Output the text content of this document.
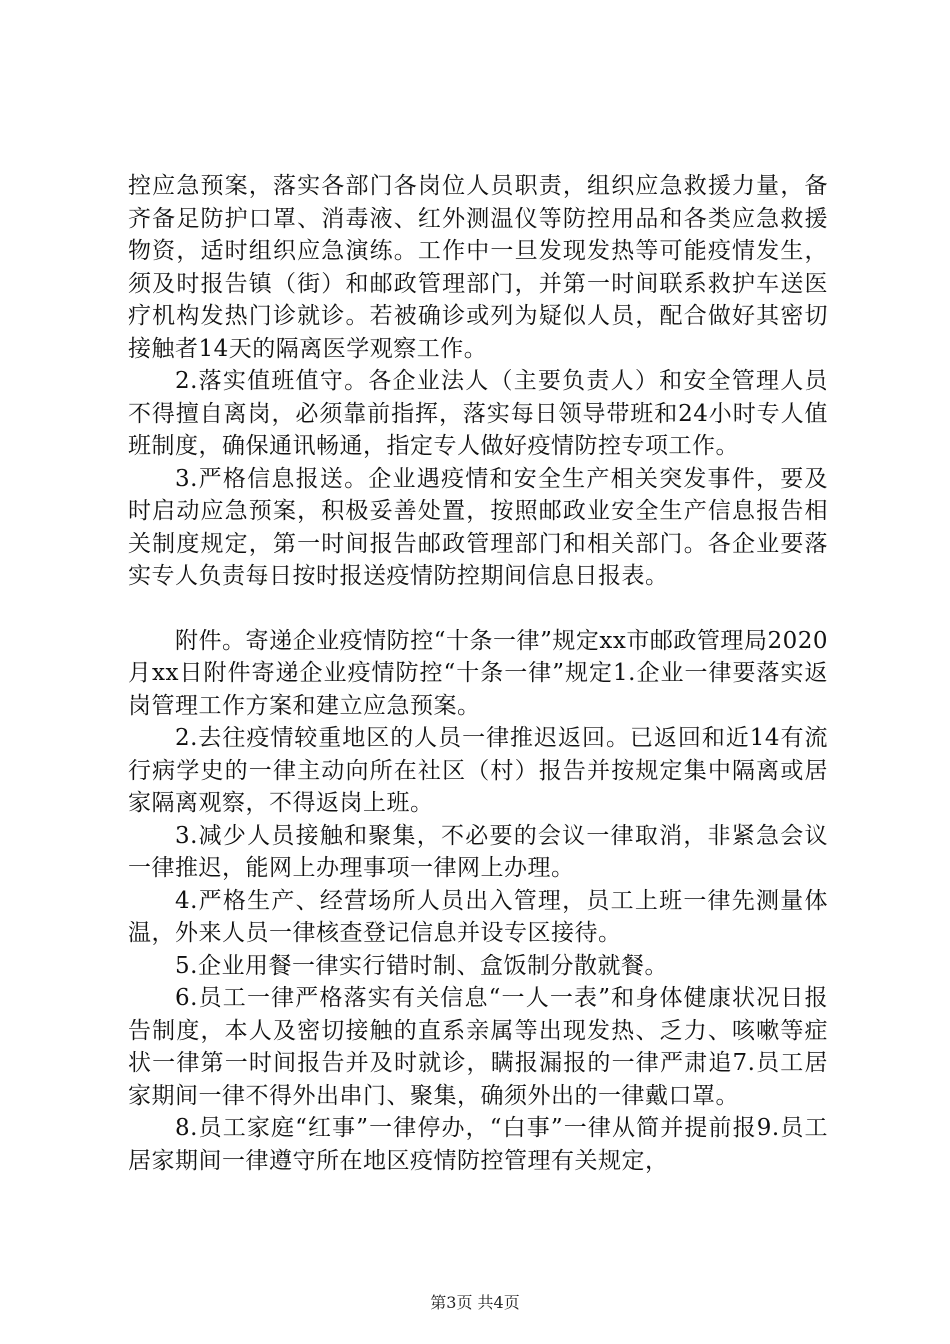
控应急预案，落实各部门各岗位人员职责，组织应急救援力量，备齐备足防护口罩、消毒液、红外测温仪等防控用品和各类应急救援物资，适时组织应急演练。工作中一旦发现发热等可能疫情发生，须及时报告镇（街）和邮政管理部门，并第一时间联系救护车送医疗机构发热门诊就诊。若被确诊或列为疑似人员，配合做好其密切接触者14天的隔离医学观察工作。

2.落实值班值守。各企业法人（主要负责人）和安全管理人员不得擅自离岗，必须靠前指挥，落实每日领导带班和24小时专人值班制度，确保通讯畅通，指定专人做好疫情防控专项工作。

3.严格信息报送。企业遇疫情和安全生产相关突发事件，要及时启动应急预案，积极妥善处置，按照邮政业安全生产信息报告相关制度规定，第一时间报告邮政管理部门和相关部门。各企业要落实专人负责每日按时报送疫情防控期间信息日报表。

附件。寄递企业疫情防控“十条一律”规定xx市邮政管理局2020月xx日附件寄递企业疫情防控“十条一律”规定1.企业一律要落实返岗管理工作方案和建立应急预案。

2.去往疫情较重地区的人员一律推迟返回。已返回和近14有流行病学史的一律主动向所在社区（村）报告并按规定集中隔离或居家隔离观察，不得返岗上班。

3.减少人员接触和聚集，不必要的会议一律取消，非紧急会议一律推迟，能网上办理事项一律网上办理。

4.严格生产、经营场所人员出入管理，员工上班一律先测量体温，外来人员一律核查登记信息并设专区接待。

5.企业用餐一律实行错时制、盒饭制分散就餐。

6.员工一律严格落实有关信息“一人一表”和身体健康状况日报告制度，本人及密切接触的直系亲属等出现发热、乏力、咳嗽等症状一律第一时间报告并及时就诊，瞒报漏报的一律严肃追7.员工居家期间一律不得外出串门、聚集，确须外出的一律戴口罩。

8.员工家庭“红事”一律停办，“白事”一律从简并提前报9.员工居家期间一律遵守所在地区疫情防控管理有关规定，

第3页 共4页
